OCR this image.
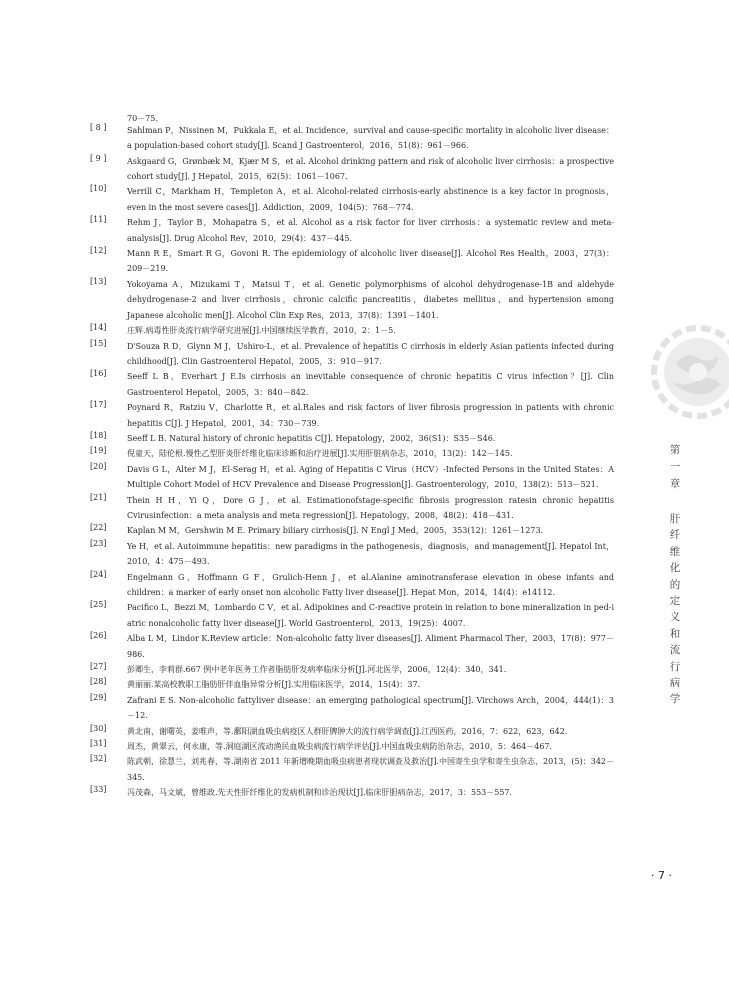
70－75.
[ 8 ]	Sahlman P，Nissinen M，Pukkala E，et al. Incidence，survival and cause-specific mortality in alcoholic liver disease：a population-based cohort study[J]. Scand J Gastroenterol，2016，51(8)：961－966.
[ 9 ]	Askgaard G，Grønbæk M，Kjær M S，et al. Alcohol drinking pattern and risk of alcoholic liver cirrhosis：a prospective cohort study[J]. J Hepatol，2015，62(5)：1061－1067.
[10]	Verrill C，Markham H，Templeton A，et al. Alcohol-related cirrhosis-early abstinence is a key factor in prognosis，even in the most severe cases[J]. Addiction，2009，104(5)：768－774.
[11]	Rehm J，Taylor B，Mohapatra S，et al. Alcohol as a risk factor for liver cirrhosis：a systematic review and meta-analysis[J]. Drug Alcohol Rev，2010，29(4)：437－445.
[12]	Mann R E，Smart R G，Govoni R. The epidemiology of alcoholic liver disease[J]. Alcohol Res Health，2003，27(3)：209－219.
[13]	Yokoyama A，Mizukami T，Matsui T，et al. Genetic polymorphisms of alcohol dehydrogenase-1B and aldehyde dehydrogenase-2 and liver cirrhosis，chronic calcific pancreatitis，diabetes mellitus，and hypertension among Japanese alcoholic men[J]. Alcohol Clin Exp Res，2013，37(8)：1391－1401.
[14]	庄辉.病毒性肝炎流行病学研究进展[J].中国继续医学教育，2010，2：1－5.
[15]	D'Souza R D，Glynn M J，Ushiro-L，et al. Prevalence of hepatitis C cirrhosis in elderly Asian patients infected during childhood[J]. Clin Gastroenterol Hepatol，2005，3：910－917.
[16]	Seeff L B，Everhart J E.Is cirrhosis an inevitable consequence of chronic hepatitis C virus infection？[J]. Clin Gastroenterol Hepatol，2005，3：840－842.
[17]	Poynard R，Ratziu V，Charlotte R，et al.Rales and risk factors of liver fibrosis progression in patients with chronic hepatitis C[J]. J Hepatol，2001，34：730－739.
[18]	Seeff L B. Natural history of chronic hepatitis C[J]. Hepatology，2002，36(S1)：S35－S46.
[19]	倪童天，陆伦根.慢性乙型肝炎肝纤维化临床诊断和治疗进展[J].实用肝脏病杂志，2010，13(2)：142－145.
[20]	Davis G L，Alter M J，El-Serag H，et al. Aging of Hepatitis C Virus（HCV）-Infected Persons in the United States：A Multiple Cohort Model of HCV Prevalence and Disease Progression[J]. Gastroenterology，2010，138(2)：513－521.
[21]	Thein H H，Yi Q，Dore G J，et al. Estimationofstage-specific fibrosis progression ratesin chronic hepatitis Cvirusinfection：a meta analysis and meta regression[J]. Hepatology，2008，48(2)：418－431.
[22]	Kaplan M M，Gershwin M E. Primary biliary cirrhosis[J]. N Engl J Med，2005，353(12)：1261－1273.
[23]	Ye H，et al. Autoimmune hepatitis：new paradigms in the pathogenesis，diagnosis，and management[J]. Hepatol Int，2010，4：475－493.
[24]	Engelmann G，Hoffmann G F，Grulich-Henn J，et al.Alanine aminotransferase elevation in obese infants and children：a marker of early onset non alcoholic Fatty liver disease[J]. Hepat Mon，2014，14(4)：e14112.
[25]	Pacifico L，Bezzi M，Lombardo C V，et al. Adipokines and C-reactive protein in relation to bone mineralization in ped-i atric nonalcoholic fatty liver disease[J]. World Gastroenterol，2013，19(25)：4007.
[26]	Alba L M，Lindor K.Review article：Non-alcoholic fatty liver diseases[J]. Aliment Pharmacol Ther，2003，17(8)：977－986.
[27]	彭卿生，李莉群.667 例中老年医务工作者脂肪肝发病率临床分析[J].河北医学，2006，12(4)：340，341.
[28]	黄丽丽.某高校教职工脂肪肝伴血脂异常分析[J].实用临床医学，2014，15(4)：37.
[29]	Zafrani E S. Non-alcoholic fattyliver disease：an emerging pathological spectrum[J]. Virchows Arch，2004，444(1)：3－12.
[30]	黄北南，谢曙英，姜唯声，等.鄱阳湖血吸虫病疫区人群肝脾肿大的流行病学调查[J].江西医药，2016，7：622，623，642.
[31]	周杰，黄翠云，何永康，等.洞庭湖区流动渔民血吸虫病流行病学评估[J].中国血吸虫病防治杂志，2010，5：464－467.
[32]	陈武朝，徐慧兰，刘兆春，等.湖南省 2011 年新增晚期血吸虫病患者现状调查及救治[J].中国寄生虫学和寄生虫杂志，2013，(5)：342－345.
[33]	冯茂森，马文斌，曾维政.先天性肝纤维化的发病机制和诊治现状[J].临床肝胆病杂志，2017，3：553－557.
第
一
章
肝
纤
维
化
的
定
义
和
流
行
病
学
· 7 ·
